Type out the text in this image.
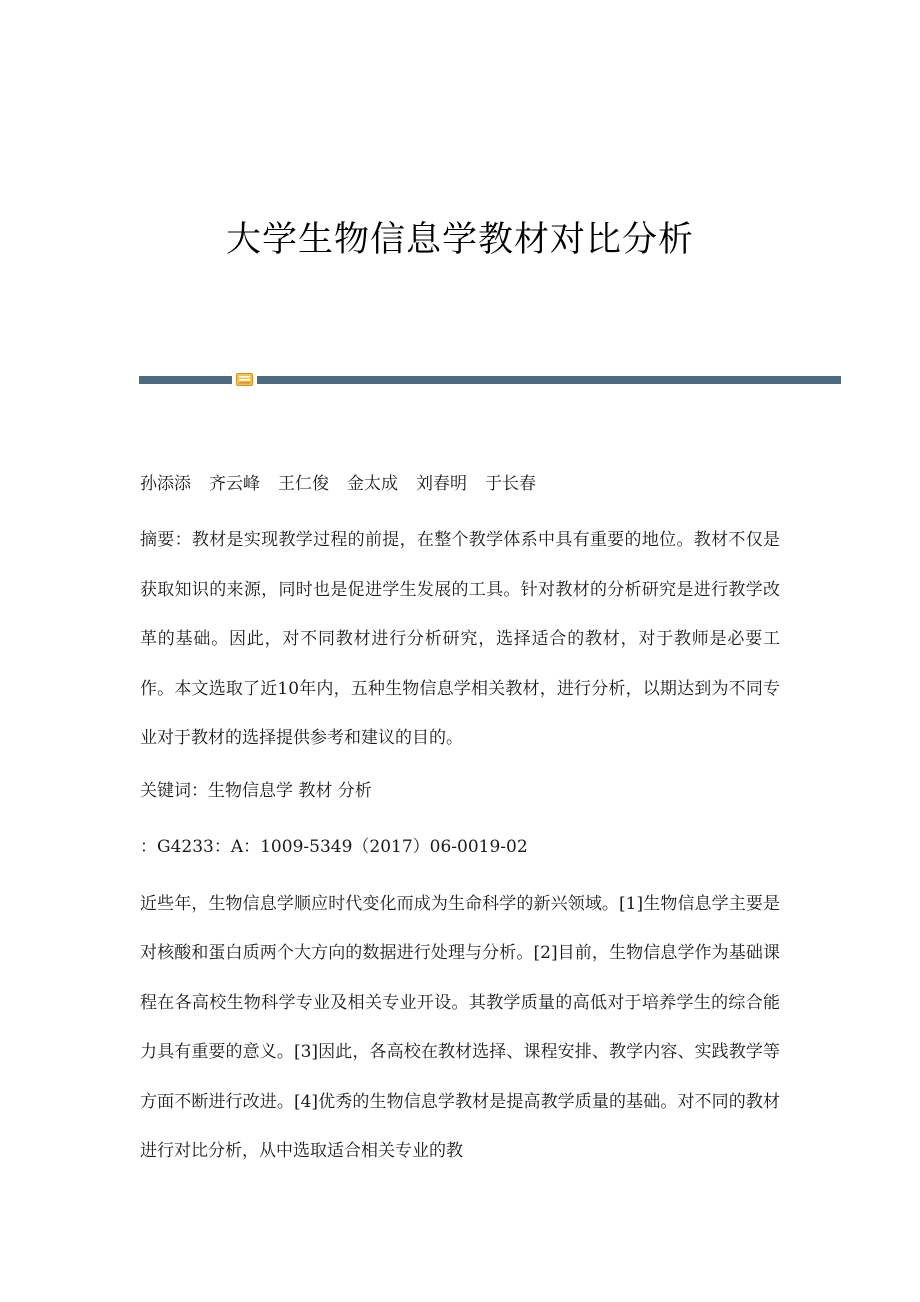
大学生物信息学教材对比分析

孙添添 齐云峰 王仁俊 金太成 刘春明 于长春

摘要：教材是实现教学过程的前提，在整个教学体系中具有重要的地位。教材不仅是获取知识的来源，同时也是促进学生发展的工具。针对教材的分析研究是进行教学改革的基础。因此，对不同教材进行分析研究，选择适合的教材，对于教师是必要工作。本文选取了近10年内，五种生物信息学相关教材，进行分析，以期达到为不同专业对于教材的选择提供参考和建议的目的。

关键词：生物信息学 教材 分析

：G4233：A：1009-5349（2017）06-0019-02

近些年，生物信息学顺应时代变化而成为生命科学的新兴领域。[1]生物信息学主要是对核酸和蛋白质两个大方向的数据进行处理与分析。[2]目前，生物信息学作为基础课程在各高校生物科学专业及相关专业开设。其教学质量的高低对于培养学生的综合能力具有重要的意义。[3]因此，各高校在教材选择、课程安排、教学内容、实践教学等方面不断进行改进。[4]优秀的生物信息学教材是提高教学质量的基础。对不同的教材进行对比分析，从中选取适合相关专业的教
